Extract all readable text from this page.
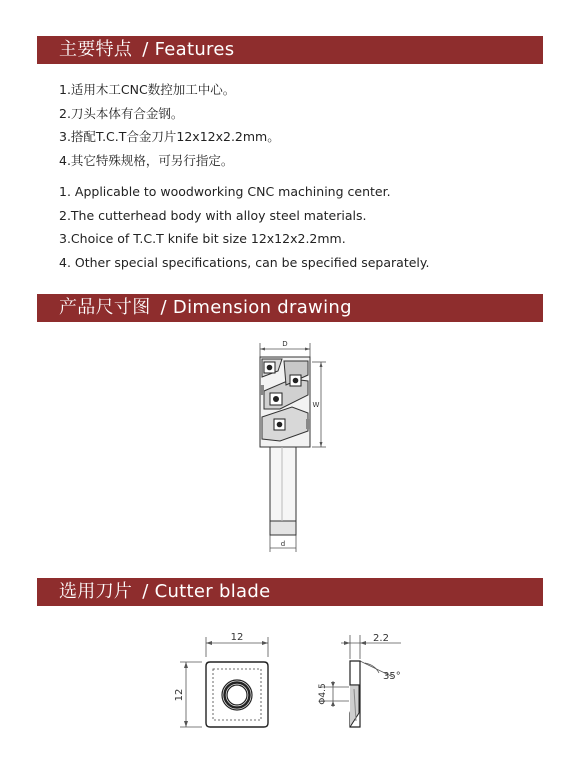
主要特点 / Features
1.适用木工CNC数控加工中心。
2.刀头本体有合金钢。
3.搭配T.C.T合金刀片12x12x2.2mm。
4.其它特殊规格，可另行指定。
1. Applicable to woodworking CNC machining center.
2.The cutterhead body with alloy steel materials.
3.Choice of T.C.T knife bit size 12x12x2.2mm.
4. Other special specifications, can be specified separately.
产品尺寸图 / Dimension drawing
D
W
d
选用刀片 / Cutter blade
12
12
2.2
35°
Φ4.5
